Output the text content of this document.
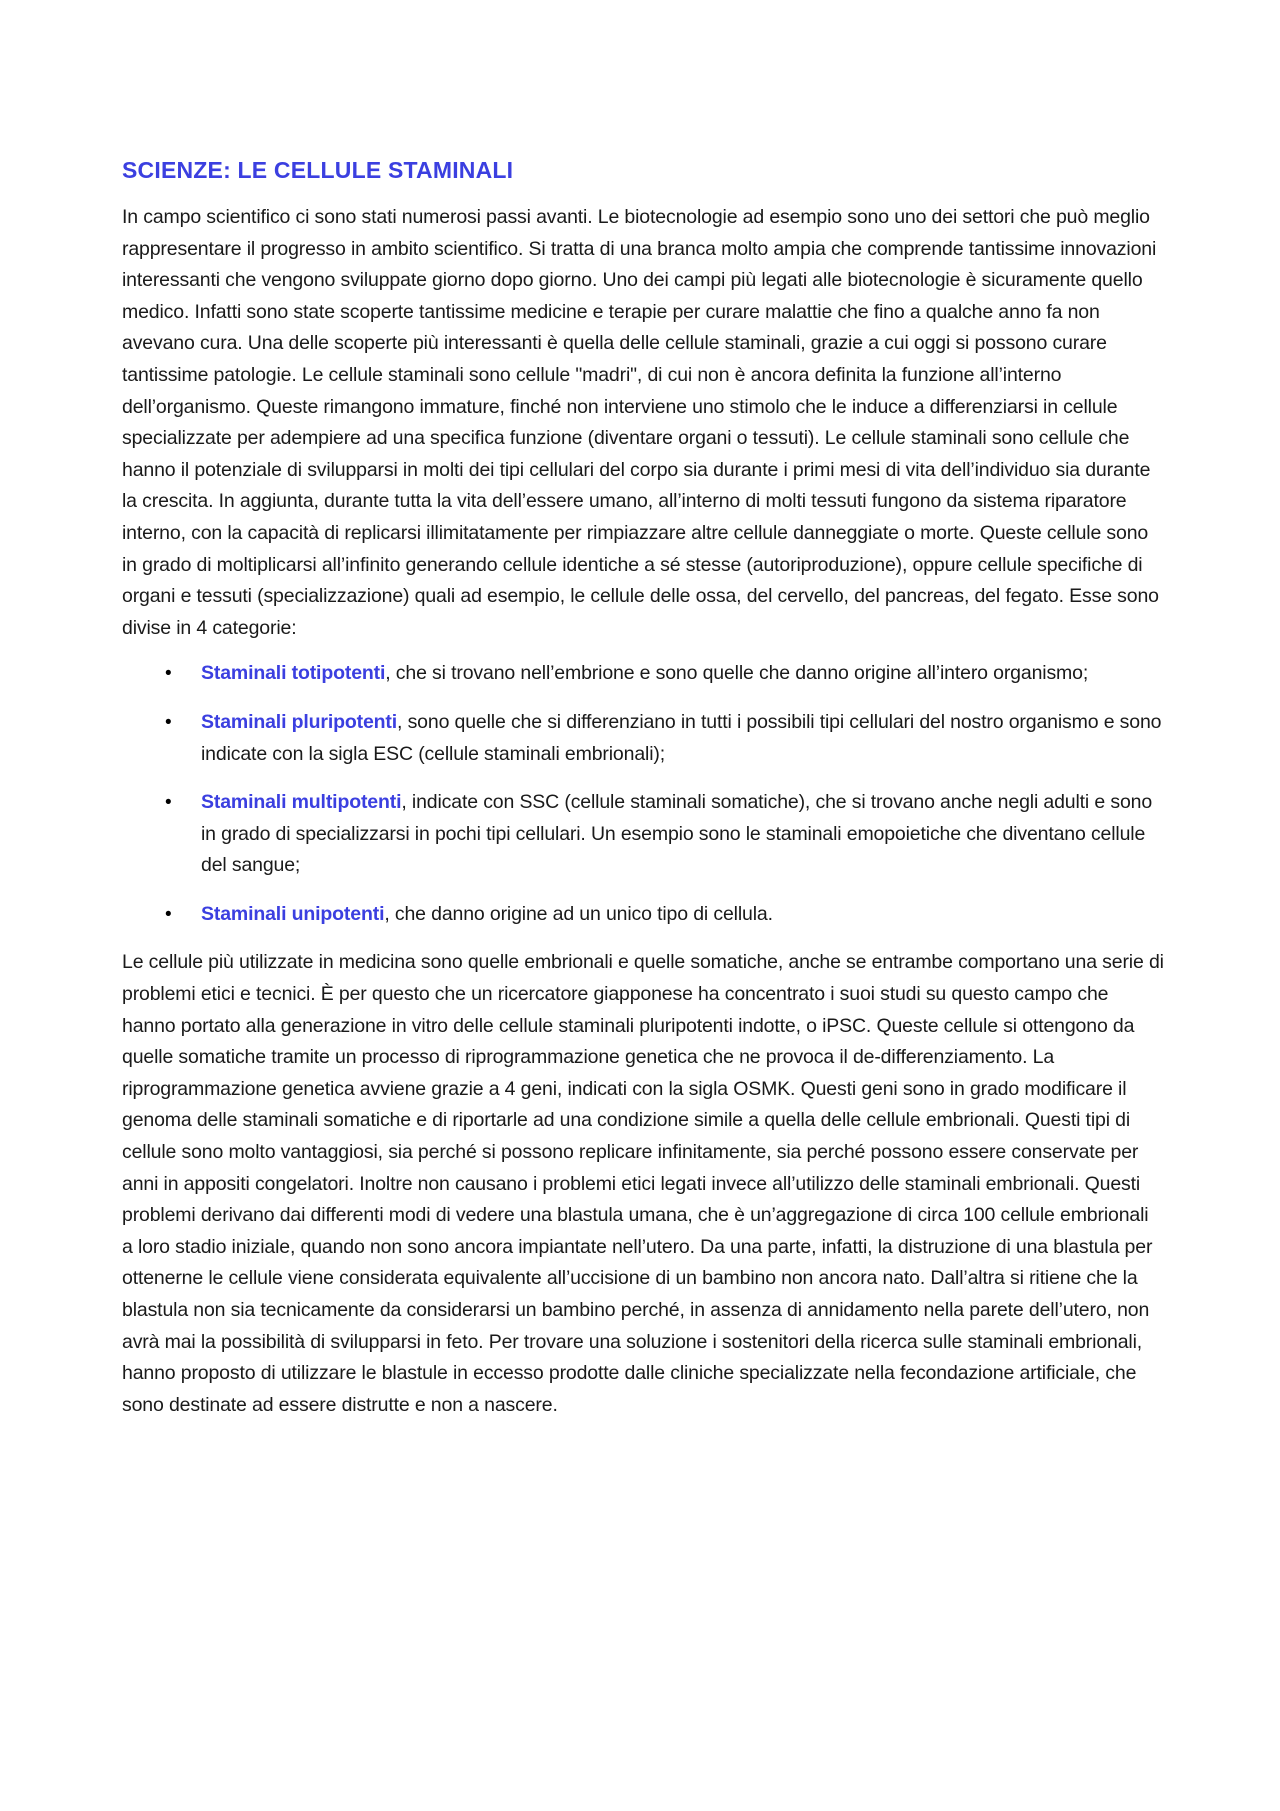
SCIENZE: LE CELLULE STAMINALI

In campo scientifico ci sono stati numerosi passi avanti. Le biotecnologie ad esempio sono uno dei settori che può meglio rappresentare il progresso in ambito scientifico. Si tratta di una branca molto ampia che comprende tantissime innovazioni interessanti che vengono sviluppate giorno dopo giorno. Uno dei campi più legati alle biotecnologie è sicuramente quello medico. Infatti sono state scoperte tantissime medicine e terapie per curare malattie che fino a qualche anno fa non avevano cura. Una delle scoperte più interessanti è quella delle cellule staminali, grazie a cui oggi si possono curare tantissime patologie. Le cellule staminali sono cellule "madri", di cui non è ancora definita la funzione all’interno dell’organismo. Queste rimangono immature, finché non interviene uno stimolo che le induce a differenziarsi in cellule specializzate per adempiere ad una specifica funzione (diventare organi o tessuti). Le cellule staminali sono cellule che hanno il potenziale di svilupparsi in molti dei tipi cellulari del corpo sia durante i primi mesi di vita dell’individuo sia durante la crescita. In aggiunta, durante tutta la vita dell’essere umano, all’interno di molti tessuti fungono da sistema riparatore interno, con la capacità di replicarsi illimitatamente per rimpiazzare altre cellule danneggiate o morte. Queste cellule sono in grado di moltiplicarsi all’infinito generando cellule identiche a sé stesse (autoriproduzione), oppure cellule specifiche di organi e tessuti (specializzazione) quali ad esempio, le cellule delle ossa, del cervello, del pancreas, del fegato. Esse sono divise in 4 categorie:

• Staminali totipotenti, che si trovano nell’embrione e sono quelle che danno origine all’intero organismo;
• Staminali pluripotenti, sono quelle che si differenziano in tutti i possibili tipi cellulari del nostro organismo e sono indicate con la sigla ESC (cellule staminali embrionali);
• Staminali multipotenti, indicate con SSC (cellule staminali somatiche), che si trovano anche negli adulti e sono in grado di specializzarsi in pochi tipi cellulari. Un esempio sono le staminali emopoietiche che diventano cellule del sangue;
• Staminali unipotenti, che danno origine ad un unico tipo di cellula.

Le cellule più utilizzate in medicina sono quelle embrionali e quelle somatiche, anche se entrambe comportano una serie di problemi etici e tecnici. È per questo che un ricercatore giapponese ha concentrato i suoi studi su questo campo che hanno portato alla generazione in vitro delle cellule staminali pluripotenti indotte, o iPSC. Queste cellule si ottengono da quelle somatiche tramite un processo di riprogrammazione genetica che ne provoca il de-differenziamento. La riprogrammazione genetica avviene grazie a 4 geni, indicati con la sigla OSMK. Questi geni sono in grado modificare il genoma delle staminali somatiche e di riportarle ad una condizione simile a quella delle cellule embrionali. Questi tipi di cellule sono molto vantaggiosi, sia perché si possono replicare infinitamente, sia perché possono essere conservate per anni in appositi congelatori. Inoltre non causano i problemi etici legati invece all’utilizzo delle staminali embrionali. Questi problemi derivano dai differenti modi di vedere una blastula umana, che è un’aggregazione di circa 100 cellule embrionali a loro stadio iniziale, quando non sono ancora impiantate nell’utero. Da una parte, infatti, la distruzione di una blastula per ottenerne le cellule viene considerata equivalente all’uccisione di un bambino non ancora nato. Dall’altra si ritiene che la blastula non sia tecnicamente da considerarsi un bambino perché, in assenza di annidamento nella parete dell’utero, non avrà mai la possibilità di svilupparsi in feto. Per trovare una soluzione i sostenitori della ricerca sulle staminali embrionali, hanno proposto di utilizzare le blastule in eccesso prodotte dalle cliniche specializzate nella fecondazione artificiale, che sono destinate ad essere distrutte e non a nascere.
